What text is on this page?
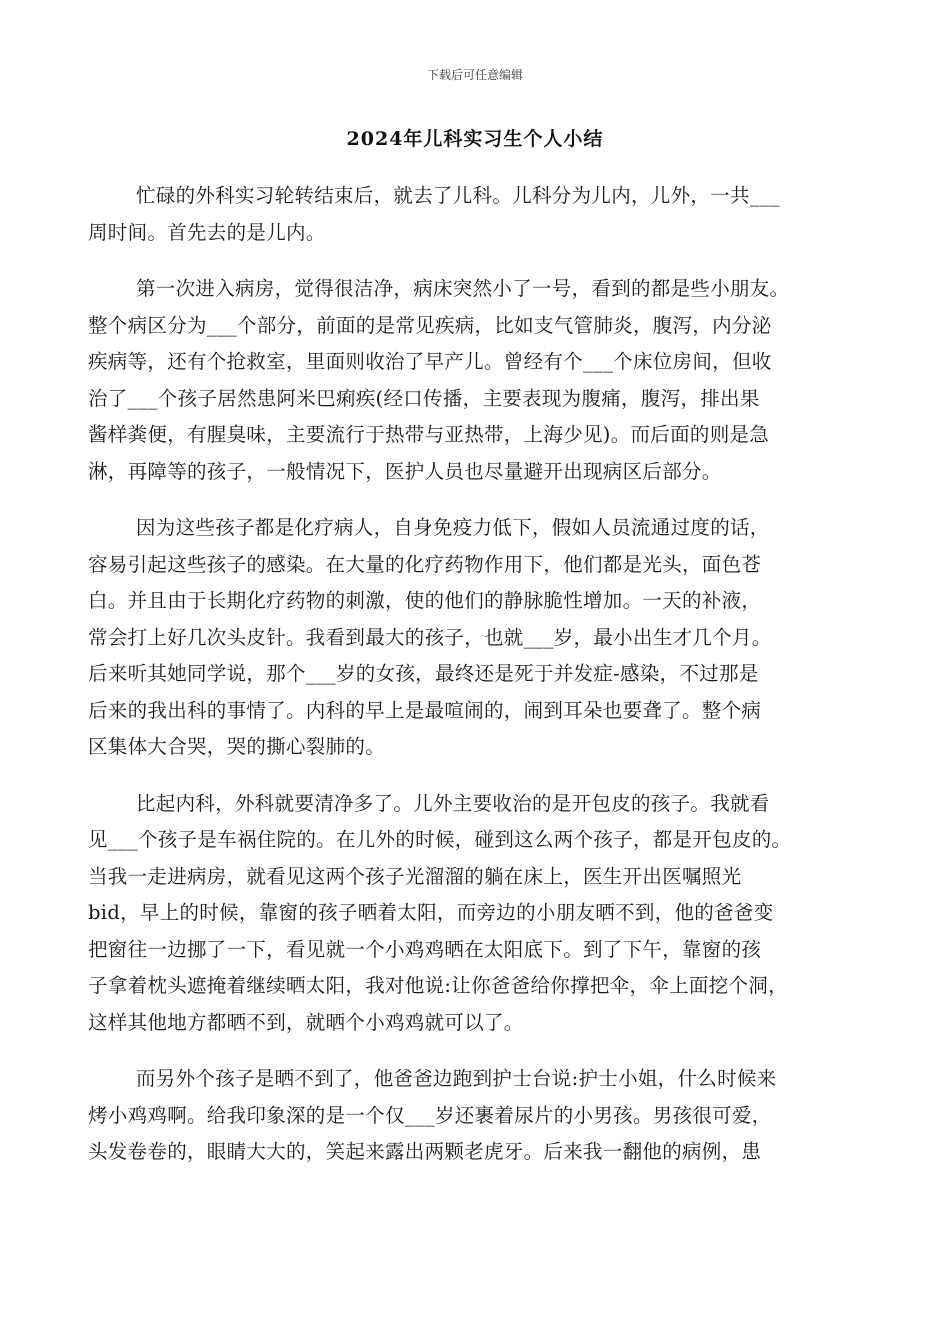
下载后可任意编辑
2024年儿科实习生个人小结
忙碌的外科实习轮转结束后，就去了儿科。儿科分为儿内，儿外，一共___
周时间。首先去的是儿内。
第一次进入病房，觉得很洁净，病床突然小了一号，看到的都是些小朋友。
整个病区分为___个部分，前面的是常见疾病，比如支气管肺炎，腹泻，内分泌
疾病等，还有个抢救室，里面则收治了早产儿。曾经有个___个床位房间，但收
治了___个孩子居然患阿米巴痢疾(经口传播，主要表现为腹痛，腹泻，排出果
酱样粪便，有腥臭味，主要流行于热带与亚热带，上海少见)。而后面的则是急
淋，再障等的孩子，一般情况下，医护人员也尽量避开出现病区后部分。
因为这些孩子都是化疗病人，自身免疫力低下，假如人员流通过度的话，
容易引起这些孩子的感染。在大量的化疗药物作用下，他们都是光头，面色苍
白。并且由于长期化疗药物的刺激，使的他们的静脉脆性增加。一天的补液，
常会打上好几次头皮针。我看到最大的孩子，也就___岁，最小出生才几个月。
后来听其她同学说，那个___岁的女孩，最终还是死于并发症-感染，不过那是
后来的我出科的事情了。内科的早上是最喧闹的，闹到耳朵也要聋了。整个病
区集体大合哭，哭的撕心裂肺的。
比起内科，外科就要清净多了。儿外主要收治的是开包皮的孩子。我就看
见___个孩子是车祸住院的。在儿外的时候，碰到这么两个孩子，都是开包皮的。
当我一走进病房，就看见这两个孩子光溜溜的躺在床上，医生开出医嘱照光
bid，早上的时候，靠窗的孩子晒着太阳，而旁边的小朋友晒不到，他的爸爸变
把窗往一边挪了一下，看见就一个小鸡鸡晒在太阳底下。到了下午，靠窗的孩
子拿着枕头遮掩着继续晒太阳，我对他说:让你爸爸给你撑把伞，伞上面挖个洞，
这样其他地方都晒不到，就晒个小鸡鸡就可以了。
而另外个孩子是晒不到了，他爸爸边跑到护士台说:护士小姐，什么时候来
烤小鸡鸡啊。给我印象深的是一个仅___岁还裹着尿片的小男孩。男孩很可爱，
头发卷卷的，眼睛大大的，笑起来露出两颗老虎牙。后来我一翻他的病例，患
